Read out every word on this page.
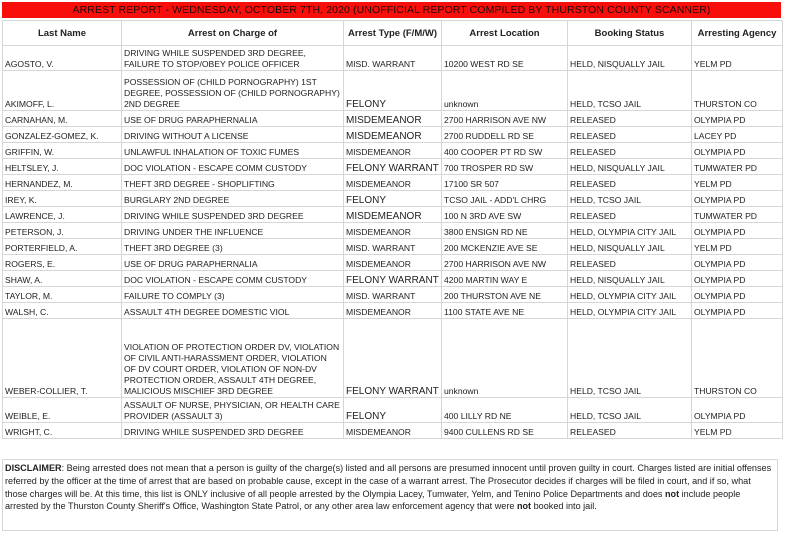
ARREST REPORT - WEDNESDAY, OCTOBER 7TH, 2020 (UNOFFICIAL REPORT COMPILED BY THURSTON COUNTY SCANNER)
Last Name	Arrest on Charge of	Arrest Type (F/M/W)	Arrest Location	Booking Status	Arresting Agency
AGOSTO, V.	DRIVING WHILE SUSPENDED 3RD DEGREE, FAILURE TO STOP/OBEY POLICE OFFICER	MISD. WARRANT	10200 WEST RD SE	HELD, NISQUALLY JAIL	YELM PD
AKIMOFF, L.	POSSESSION OF (CHILD PORNOGRAPHY) 1ST DEGREE, POSSESSION OF (CHILD PORNOGRAPHY) 2ND DEGREE	FELONY	unknown	HELD, TCSO JAIL	THURSTON CO
CARNAHAN, M.	USE OF DRUG PARAPHERNALIA	MISDEMEANOR	2700 HARRISON AVE NW	RELEASED	OLYMPIA PD
GONZALEZ-GOMEZ, K.	DRIVING WITHOUT A LICENSE	MISDEMEANOR	2700 RUDDELL RD SE	RELEASED	LACEY PD
GRIFFIN, W.	UNLAWFUL INHALATION OF TOXIC FUMES	MISDEMEANOR	400 COOPER PT RD SW	RELEASED	OLYMPIA PD
HELTSLEY, J.	DOC VIOLATION - ESCAPE COMM CUSTODY	FELONY WARRANT	700 TROSPER RD SW	HELD, NISQUALLY JAIL	TUMWATER PD
HERNANDEZ, M.	THEFT 3RD DEGREE - SHOPLIFTING	MISDEMEANOR	17100 SR 507	RELEASED	YELM PD
IREY, K.	BURGLARY 2ND DEGREE	FELONY	TCSO JAIL - ADD'L CHRG	HELD, TCSO JAIL	OLYMPIA PD
LAWRENCE, J.	DRIVING WHILE SUSPENDED 3RD DEGREE	MISDEMEANOR	100 N 3RD AVE SW	RELEASED	TUMWATER PD
PETERSON, J.	DRIVING UNDER THE INFLUENCE	MISDEMEANOR	3800 ENSIGN RD NE	HELD, OLYMPIA CITY JAIL	OLYMPIA PD
PORTERFIELD, A.	THEFT 3RD DEGREE (3)	MISD. WARRANT	200 MCKENZIE AVE SE	HELD, NISQUALLY JAIL	YELM PD
ROGERS, E.	USE OF DRUG PARAPHERNALIA	MISDEMEANOR	2700 HARRISON AVE NW	RELEASED	OLYMPIA PD
SHAW, A.	DOC VIOLATION - ESCAPE COMM CUSTODY	FELONY WARRANT	4200 MARTIN WAY E	HELD, NISQUALLY JAIL	OLYMPIA PD
TAYLOR, M.	FAILURE TO COMPLY (3)	MISD. WARRANT	200 THURSTON AVE NE	HELD, OLYMPIA CITY JAIL	OLYMPIA PD
WALSH, C.	ASSAULT 4TH DEGREE DOMESTIC VIOL	MISDEMEANOR	1100 STATE AVE NE	HELD, OLYMPIA CITY JAIL	OLYMPIA PD
WEBER-COLLIER, T.	VIOLATION OF PROTECTION ORDER DV, VIOLATION OF CIVIL ANTI-HARASSMENT ORDER, VIOLATION OF DV COURT ORDER, VIOLATION OF NON-DV PROTECTION ORDER, ASSAULT 4TH DEGREE, MALICIOUS MISCHIEF 3RD DEGREE	FELONY WARRANT	unknown	HELD, TCSO JAIL	THURSTON CO
WEIBLE, E.	ASSAULT OF NURSE, PHYSICIAN, OR HEALTH CARE PROVIDER (ASSAULT 3)	FELONY	400 LILLY RD NE	HELD, TCSO JAIL	OLYMPIA PD
WRIGHT, C.	DRIVING WHILE SUSPENDED 3RD DEGREE	MISDEMEANOR	9400 CULLENS RD SE	RELEASED	YELM PD
DISCLAIMER: Being arrested does not mean that a person is guilty of the charge(s) listed and all persons are presumed innocent until proven guilty in court. Charges listed are initial offenses referred by the officer at the time of arrest that are based on probable cause, except in the case of a warrant arrest. The Prosecutor decides if charges will be filed in court, and if so, what those charges will be. At this time, this list is ONLY inclusive of all people arrested by the Olympia Lacey, Tumwater, Yelm, and Tenino Police Departments and does not include people arrested by the Thurston County Sheriff's Office, Washington State Patrol, or any other area law enforcement agency that were not booked into jail.
